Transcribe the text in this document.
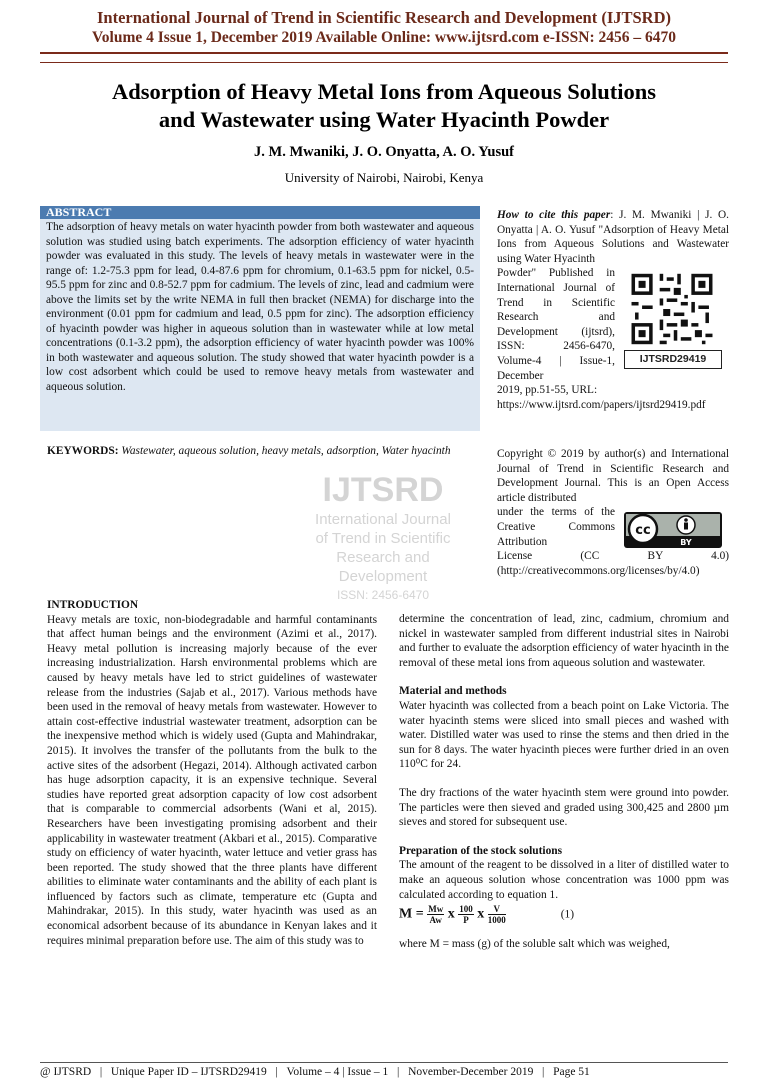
International Journal of Trend in Scientific Research and Development (IJTSRD)
Volume 4 Issue 1, December 2019 Available Online: www.ijtsrd.com e-ISSN: 2456 – 6470
Adsorption of Heavy Metal Ions from Aqueous Solutions
and Wastewater using Water Hyacinth Powder
J. M. Mwaniki, J. O. Onyatta, A. O. Yusuf
University of Nairobi, Nairobi, Kenya
ABSTRACT
The adsorption of heavy metals on water hyacinth powder from both wastewater and aqueous solution was studied using batch experiments. The adsorption efficiency of water hyacinth powder was evaluated in this study. The levels of heavy metals in wastewater were in the range of: 1.2-75.3 ppm for lead, 0.4-87.6 ppm for chromium, 0.1-63.5 ppm for nickel, 0.5-95.5 ppm for zinc and 0.8-52.7 ppm for cadmium. The levels of zinc, lead and cadmium were above the limits set by the write NEMA in full then bracket (NEMA) for discharge into the environment (0.01 ppm for cadmium and lead, 0.5 ppm for zinc). The adsorption efficiency of hyacinth powder was higher in aqueous solution than in wastewater while at low metal concentrations (0.1-3.2 ppm), the adsorption efficiency of water hyacinth powder was 100% in both wastewater and aqueous solution. The study showed that water hyacinth powder is a low cost adsorbent which could be used to remove heavy metals from wastewater and aqueous solution.
KEYWORDS: Wastewater, aqueous solution, heavy metals, adsorption, Water hyacinth
How to cite this paper: J. M. Mwaniki | J. O. Onyatta | A. O. Yusuf "Adsorption of Heavy Metal Ions from Aqueous Solutions and Wastewater using Water Hyacinth
Powder" Published in International Journal of Trend in Scientific Research and Development (ijtsrd), ISSN: 2456-6470, Volume-4 | Issue-1, December
2019, pp.51-55, URL: https://www.ijtsrd.com/papers/ijtsrd29419.pdf
IJTSRD29419
Copyright © 2019 by author(s) and International Journal of Trend in Scientific Research and Development Journal. This is an Open Access article distributed
under the terms of the Creative Commons Attribution
License (CC BY 4.0) (http://creativecommons.org/licenses/by/4.0)
cc
BY
IJTSRD
International Journal
of Trend in Scientific
Research and
Development
ISSN: 2456-6470
INTRODUCTION
Heavy metals are toxic, non-biodegradable and harmful contaminants that affect human beings and the environment (Azimi et al., 2017). Heavy metal pollution is increasing majorly because of the ever increasing industrialization. Harsh environmental problems which are caused by heavy metals have led to strict guidelines of wastewater release from the industries (Sajab et al., 2017). Various methods have been used in the removal of heavy metals from wastewater. However to attain cost-effective industrial wastewater treatment, adsorption can be the inexpensive method which is widely used (Gupta and Mahindrakar, 2015). It involves the transfer of the pollutants from the bulk to the active sites of the adsorbent (Hegazi, 2014). Although activated carbon has huge adsorption capacity, it is an expensive technique. Several studies have reported great adsorption capacity of low cost adsorbent that is comparable to commercial adsorbents (Wani et al, 2015). Researchers have been investigating promising adsorbent and their applicability in wastewater treatment (Akbari et al., 2015). Comparative study on efficiency of water hyacinth, water lettuce and vetier grass has been reported. The study showed that the three plants have different abilities to eliminate water contaminants and the ability of each plant is influenced by factors such as climate, temperature etc (Gupta and Mahindrakar, 2015). In this study, water hyacinth was used as an economical adsorbent because of its abundance in Kenyan lakes and it requires minimal preparation before use. The aim of this study was to
determine the concentration of lead, zinc, cadmium, chromium and nickel in wastewater sampled from different industrial sites in Nairobi and further to evaluate the adsorption efficiency of water hyacinth in the removal of these metal ions from aqueous solution and wastewater.
Material and methods
Water hyacinth was collected from a beach point on Lake Victoria. The water hyacinth stems were sliced into small pieces and washed with water. Distilled water was used to rinse the stems and then dried in the sun for 8 days. The water hyacinth pieces were further dried in an oven 110⁰C for 24.
The dry fractions of the water hyacinth stem were ground into powder. The particles were then sieved and graded using 300,425 and 2800 µm sieves and stored for subsequent use.
Preparation of the stock solutions
The amount of the reagent to be dissolved in a liter of distilled water to make an aqueous solution whose concentration was 1000 ppm was calculated according to equation 1.
$M = \frac{Mw}{Aw}$ x $\frac{100}{P}$ x $\frac{V}{1000}$	(1)
where M = mass (g) of the soluble salt which was weighed,
@ IJTSRD | Unique Paper ID – IJTSRD29419 | Volume – 4 | Issue – 1 | November-December 2019 | Page 51
